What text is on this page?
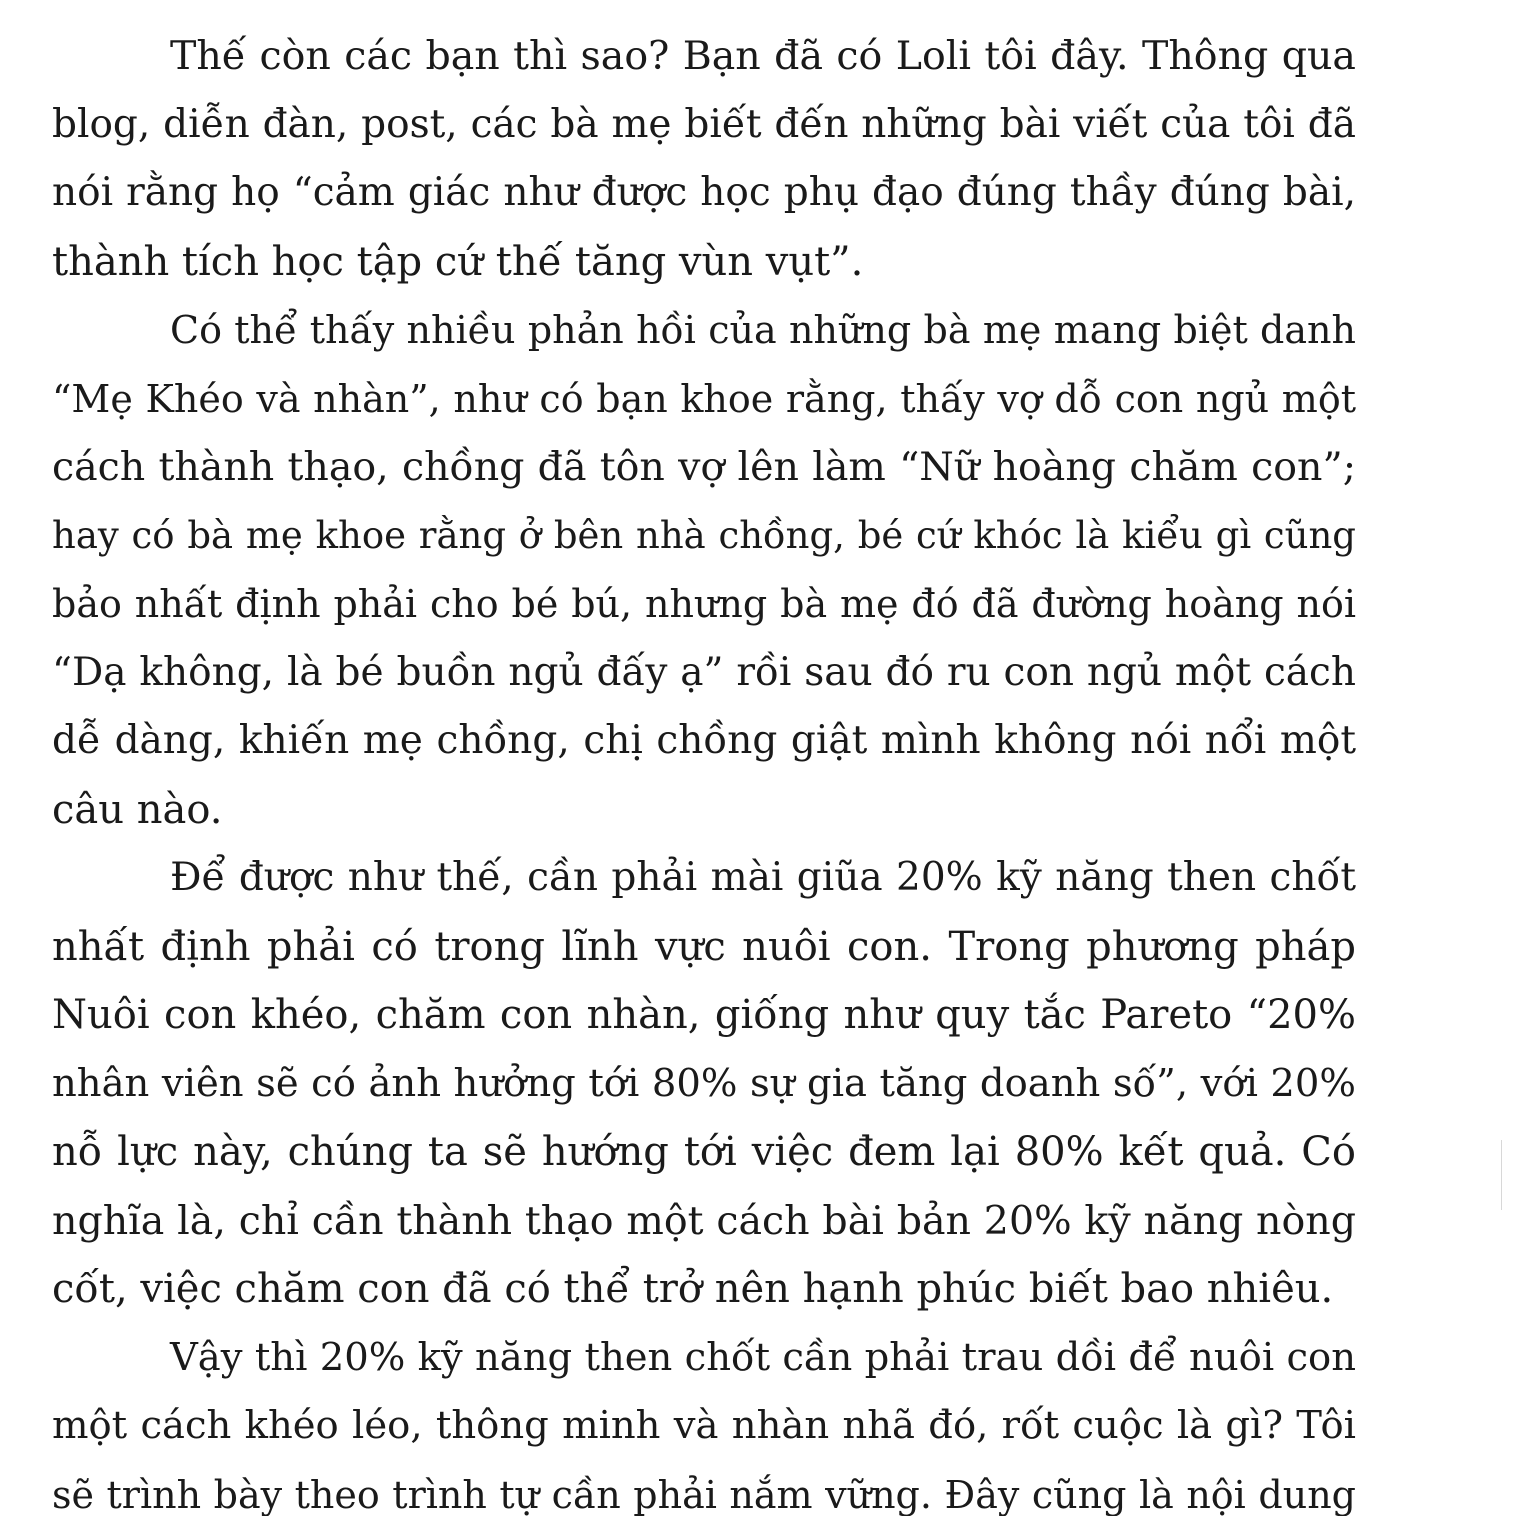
Thế còn các bạn thì sao? Bạn đã có Loli tôi đây. Thông qua
blog, diễn đàn, post, các bà mẹ biết đến những bài viết của tôi đã
nói rằng họ “cảm giác như được học phụ đạo đúng thầy đúng bài,
thành tích học tập cứ thế tăng vùn vụt”.
Có thể thấy nhiều phản hồi của những bà mẹ mang biệt danh
“Mẹ Khéo và nhàn”, như có bạn khoe rằng, thấy vợ dỗ con ngủ một
cách thành thạo, chồng đã tôn vợ lên làm “Nữ hoàng chăm con”;
hay có bà mẹ khoe rằng ở bên nhà chồng, bé cứ khóc là kiểu gì cũng
bảo nhất định phải cho bé bú, nhưng bà mẹ đó đã đường hoàng nói
“Dạ không, là bé buồn ngủ đấy ạ” rồi sau đó ru con ngủ một cách
dễ dàng, khiến mẹ chồng, chị chồng giật mình không nói nổi một
câu nào.
Để được như thế, cần phải mài giũa 20% kỹ năng then chốt
nhất định phải có trong lĩnh vực nuôi con. Trong phương pháp
Nuôi con khéo, chăm con nhàn, giống như quy tắc Pareto “20%
nhân viên sẽ có ảnh hưởng tới 80% sự gia tăng doanh số”, với 20%
nỗ lực này, chúng ta sẽ hướng tới việc đem lại 80% kết quả. Có
nghĩa là, chỉ cần thành thạo một cách bài bản 20% kỹ năng nòng
cốt, việc chăm con đã có thể trở nên hạnh phúc biết bao nhiêu.
Vậy thì 20% kỹ năng then chốt cần phải trau dồi để nuôi con
một cách khéo léo, thông minh và nhàn nhã đó, rốt cuộc là gì? Tôi
sẽ trình bày theo trình tự cần phải nắm vững. Đây cũng là nội dung
